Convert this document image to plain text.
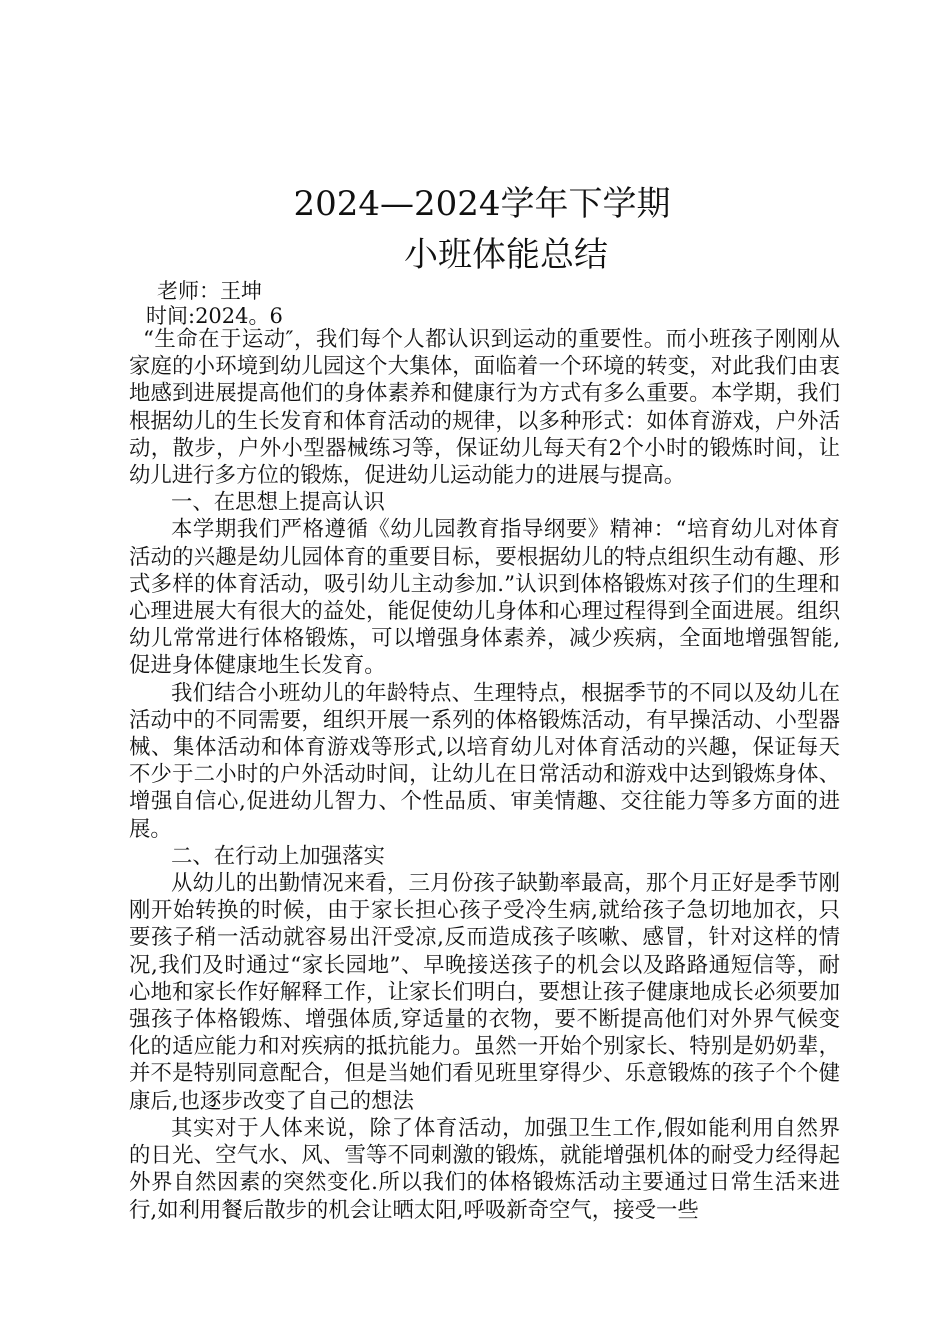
2024—2024学年下学期
小班体能总结
老师：王坤
时间:2024。6

“生命在于运动″，我们每个人都认识到运动的重要性。而小班孩子刚刚从家庭的小环境到幼儿园这个大集体，面临着一个环境的转变，对此我们由衷地感到进展提高他们的身体素养和健康行为方式有多么重要。本学期，我们根据幼儿的生长发育和体育活动的规律，以多种形式：如体育游戏，户外活动，散步，户外小型器械练习等，保证幼儿每天有2个小时的锻炼时间，让幼儿进行多方位的锻炼，促进幼儿运动能力的进展与提高。

一、在思想上提高认识

本学期我们严格遵循《幼儿园教育指导纲要》精神：“培育幼儿对体育活动的兴趣是幼儿园体育的重要目标，要根据幼儿的特点组织生动有趣、形式多样的体育活动，吸引幼儿主动参加.”认识到体格锻炼对孩子们的生理和心理进展大有很大的益处，能促使幼儿身体和心理过程得到全面进展。组织幼儿常常进行体格锻炼，可以增强身体素养，减少疾病，全面地增强智能,促进身体健康地生长发育。

我们结合小班幼儿的年龄特点、生理特点，根据季节的不同以及幼儿在活动中的不同需要，组织开展一系列的体格锻炼活动，有早操活动、小型器械、集体活动和体育游戏等形式,以培育幼儿对体育活动的兴趣，保证每天不少于二小时的户外活动时间，让幼儿在日常活动和游戏中达到锻炼身体、增强自信心,促进幼儿智力、个性品质、审美情趣、交往能力等多方面的进展。

二、在行动上加强落实

从幼儿的出勤情况来看，三月份孩子缺勤率最高，那个月正好是季节刚刚开始转换的时候，由于家长担心孩子受冷生病,就给孩子急切地加衣，只要孩子稍一活动就容易出汗受凉,反而造成孩子咳嗽、感冒，针对这样的情况,我们及时通过“家长园地”、早晚接送孩子的机会以及路路通短信等，耐心地和家长作好解释工作，让家长们明白，要想让孩子健康地成长必须要加强孩子体格锻炼、增强体质,穿适量的衣物，要不断提高他们对外界气候变化的适应能力和对疾病的抵抗能力。虽然一开始个别家长、特别是奶奶辈，并不是特别同意配合，但是当她们看见班里穿得少、乐意锻炼的孩子个个健康后,也逐步改变了自己的想法

其实对于人体来说，除了体育活动，加强卫生工作,假如能利用自然界的日光、空气水、风、雪等不同刺激的锻炼，就能增强机体的耐受力经得起外界自然因素的突然变化.所以我们的体格锻炼活动主要通过日常生活来进行,如利用餐后散步的机会让晒太阳,呼吸新奇空气，接受一些
